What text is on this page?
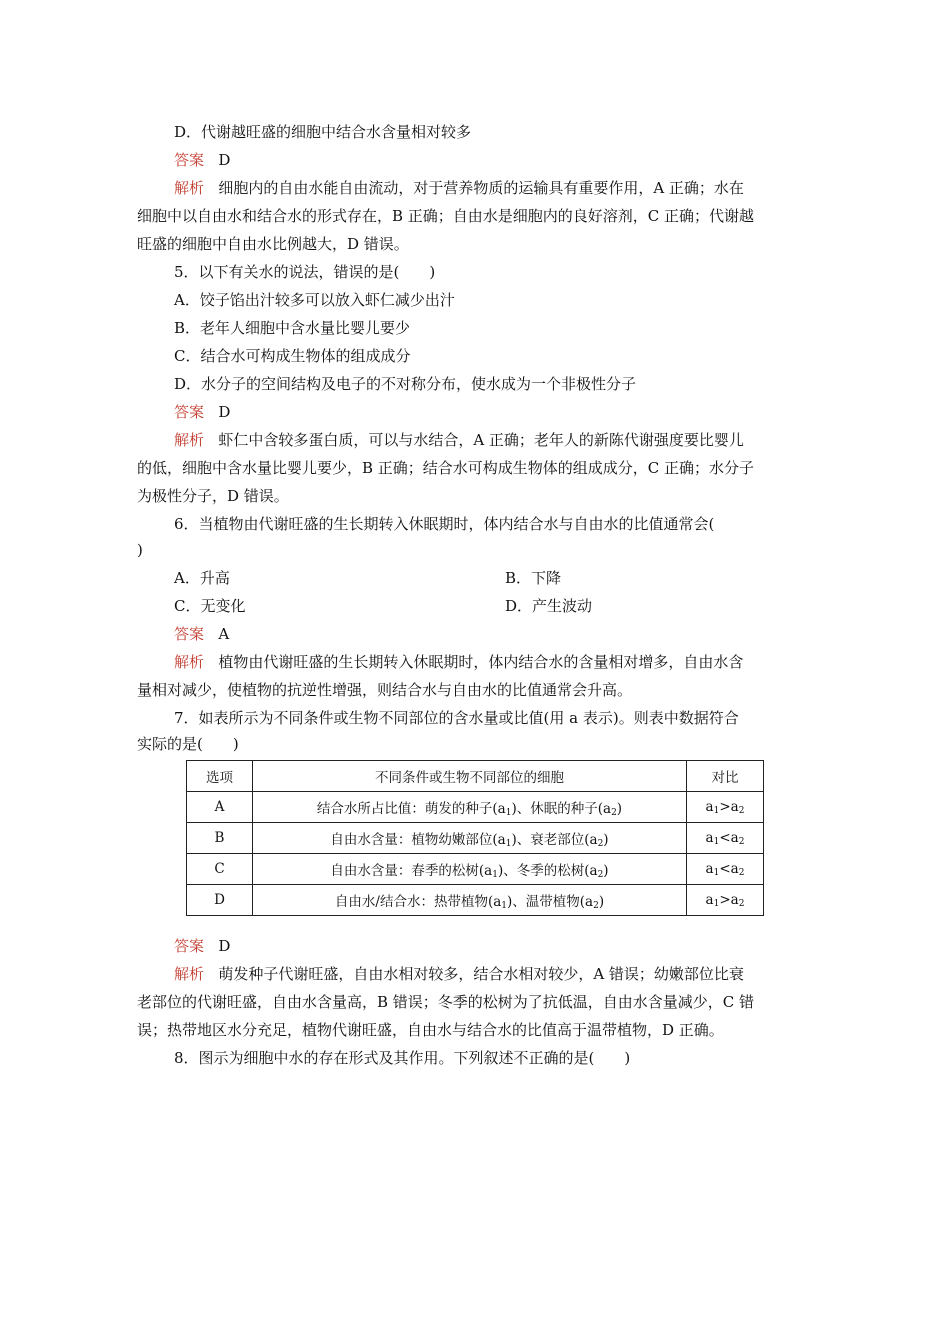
D．代谢越旺盛的细胞中结合水含量相对较多
答案 D
解析 细胞内的自由水能自由流动，对于营养物质的运输具有重要作用，A 正确；水在
细胞中以自由水和结合水的形式存在，B 正确；自由水是细胞内的良好溶剂，C 正确；代谢越
旺盛的细胞中自由水比例越大，D 错误。
5．以下有关水的说法，错误的是(　　)
A．饺子馅出汁较多可以放入虾仁减少出汁
B．老年人细胞中含水量比婴儿要少
C．结合水可构成生物体的组成成分
D．水分子的空间结构及电子的不对称分布，使水成为一个非极性分子
答案 D
解析 虾仁中含较多蛋白质，可以与水结合，A 正确；老年人的新陈代谢强度要比婴儿
的低，细胞中含水量比婴儿要少，B 正确；结合水可构成生物体的组成成分，C 正确；水分子
为极性分子，D 错误。
6．当植物由代谢旺盛的生长期转入休眠期时，体内结合水与自由水的比值通常会(
)
A．升高	B．下降
C．无变化	D．产生波动
答案 A
解析 植物由代谢旺盛的生长期转入休眠期时，体内结合水的含量相对增多，自由水含
量相对减少，使植物的抗逆性增强，则结合水与自由水的比值通常会升高。
7．如表所示为不同条件或生物不同部位的含水量或比值(用 a 表示)。则表中数据符合
实际的是(　　)
选项	不同条件或生物不同部位的细胞	对比
A	结合水所占比值：萌发的种子$(a_1)$、休眠的种子$(a_2)$	$a_1>a_2$
B	自由水含量：植物幼嫩部位$(a_1)$、衰老部位$(a_2)$	$a_1<a_2$
C	自由水含量：春季的松树$(a_1)$、冬季的松树$(a_2)$	$a_1<a_2$
D	自由水/结合水：热带植物$(a_1)$、温带植物$(a_2)$	$a_1>a_2$
答案 D
解析 萌发种子代谢旺盛，自由水相对较多，结合水相对较少，A 错误；幼嫩部位比衰
老部位的代谢旺盛，自由水含量高，B 错误；冬季的松树为了抗低温，自由水含量减少，C 错
误；热带地区水分充足，植物代谢旺盛，自由水与结合水的比值高于温带植物，D 正确。
8．图示为细胞中水的存在形式及其作用。下列叙述不正确的是(　　)
